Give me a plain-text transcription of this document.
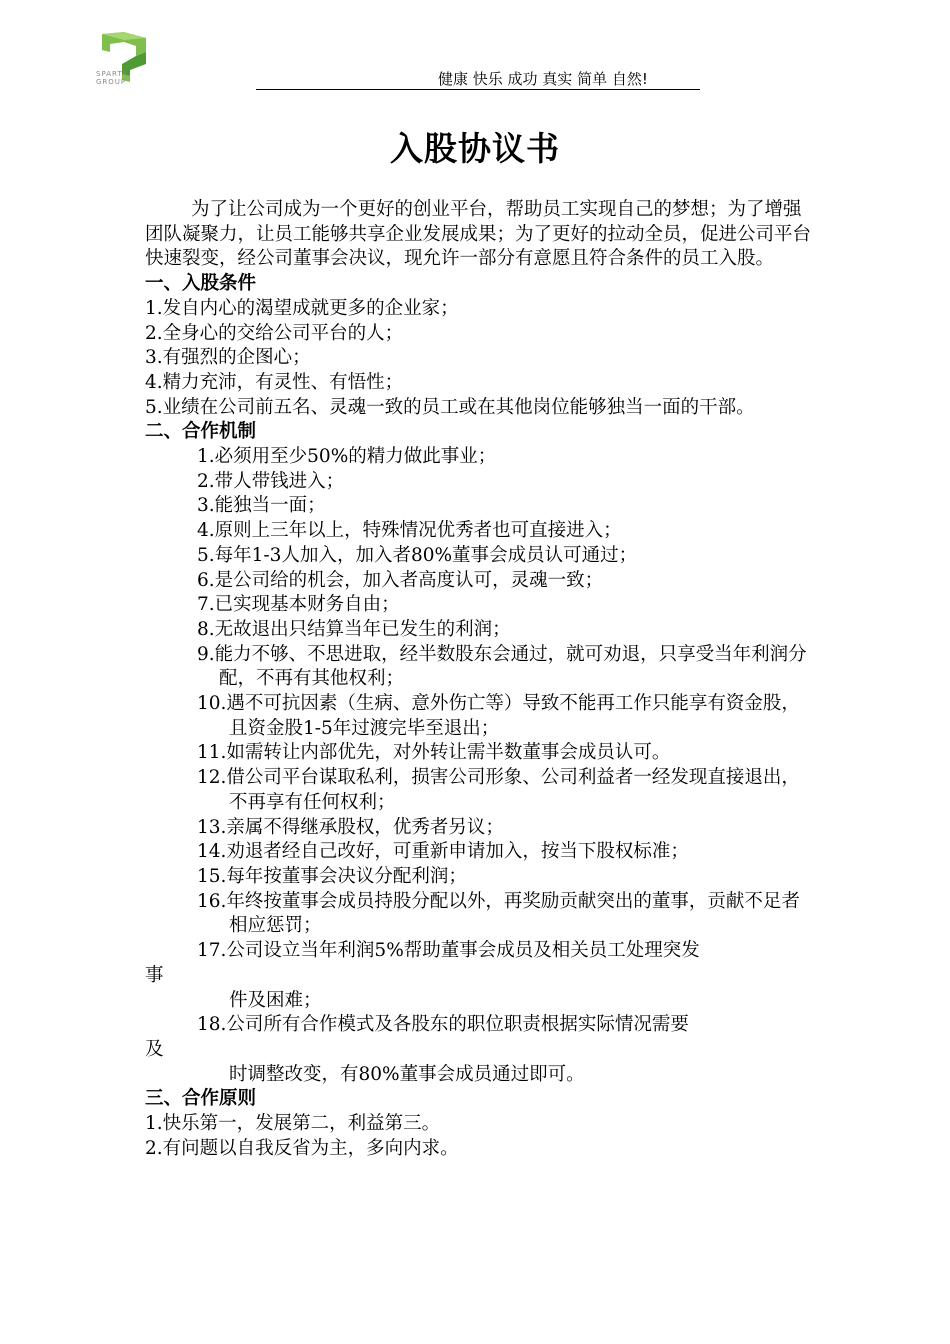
SPARTA
GROUP	健康 快乐 成功 真实 简单 自然!
入股协议书

为了让公司成为一个更好的创业平台，帮助员工实现自己的梦想；为了增强团队凝聚力，让员工能够共享企业发展成果；为了更好的拉动全员，促进公司平台快速裂变，经公司董事会决议，现允许一部分有意愿且符合条件的员工入股。

一、入股条件

1.发自内心的渴望成就更多的企业家；

2.全身心的交给公司平台的人；

3.有强烈的企图心；

4.精力充沛，有灵性、有悟性；

5.业绩在公司前五名、灵魂一致的员工或在其他岗位能够独当一面的干部。

二、合作机制

1.必须用至少50%的精力做此事业；

2.带人带钱进入；

3.能独当一面；

4.原则上三年以上，特殊情况优秀者也可直接进入；

5.每年1-3人加入，加入者80%董事会成员认可通过；

6.是公司给的机会，加入者高度认可，灵魂一致；

7.已实现基本财务自由；

8.无故退出只结算当年已发生的利润；

9.能力不够、不思进取，经半数股东会通过，就可劝退，只享受当年利润分配，不再有其他权利；

10.遇不可抗因素（生病、意外伤亡等）导致不能再工作只能享有资金股，且资金股1-5年过渡完毕至退出；

11.如需转让内部优先，对外转让需半数董事会成员认可。

12.借公司平台谋取私利，损害公司形象、公司利益者一经发现直接退出，不再享有任何权利；

13.亲属不得继承股权，优秀者另议；

14.劝退者经自己改好，可重新申请加入，按当下股权标准；

15.每年按董事会决议分配利润；

16.年终按董事会成员持股分配以外，再奖励贡献突出的董事，贡献不足者相应惩罚；

17.公司设立当年利润5%帮助董事会成员及相关员工处理突发

事

件及困难；

18.公司所有合作模式及各股东的职位职责根据实际情况需要

及

时调整改变，有80%董事会成员通过即可。

三、合作原则

1.快乐第一，发展第二，利益第三。

2.有问题以自我反省为主，多向内求。
